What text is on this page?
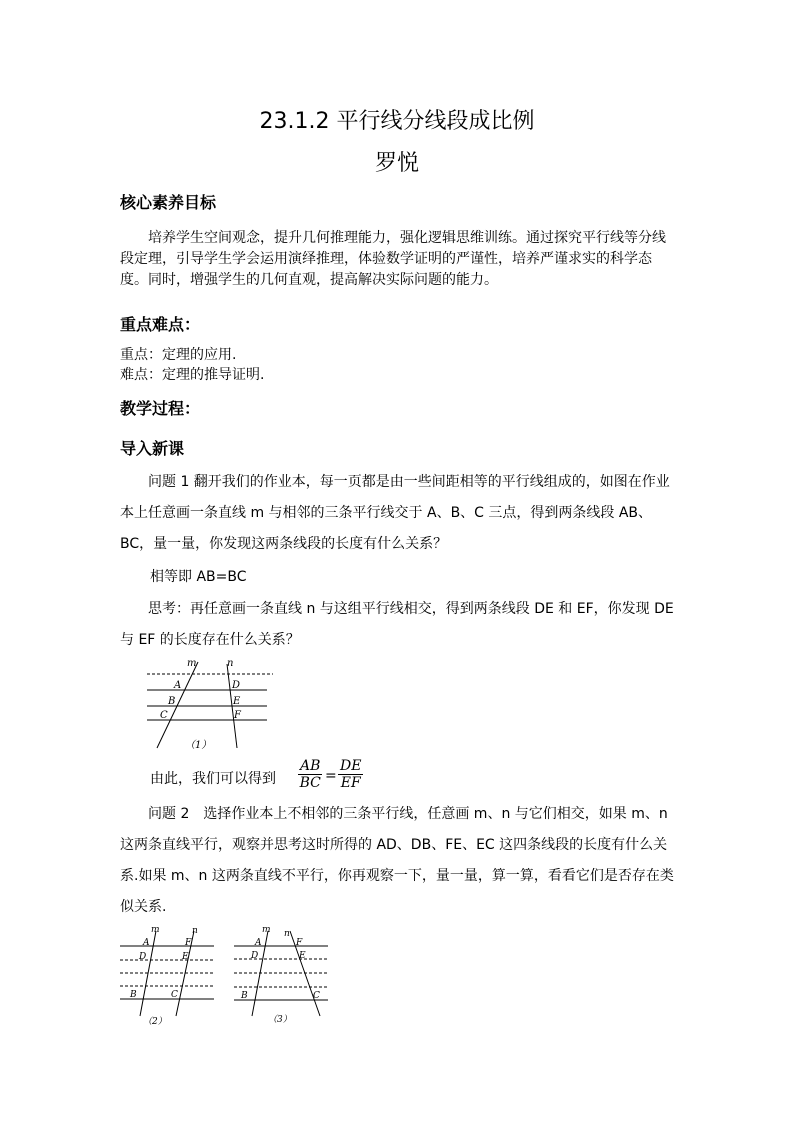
23.1.2 平行线分线段成比例
罗悦
核心素养目标
培养学生空间观念，提升几何推理能力，强化逻辑思维训练。通过探究平行线等分线段定理，引导学生学会运用演绎推理，体验数学证明的严谨性，培养严谨求实的科学态度。同时，增强学生的几何直观，提高解决实际问题的能力。
重点难点：
重点：定理的应用.
难点：定理的推导证明.
教学过程：
导入新课
问题 1 翻开我们的作业本，每一页都是由一些间距相等的平行线组成的，如图在作业本上任意画一条直线 m 与相邻的三条平行线交于 A、B、C 三点，得到两条线段 AB、BC，量一量，你发现这两条线段的长度有什么关系？
相等即 AB=BC
思考：再任意画一条直线 n 与这组平行线相交，得到两条线段 DE 和 EF，你发现 DE 与 EF 的长度存在什么关系？
m	n
A
B
C
D
E
F
（1）
由此，我们可以得到 $\frac{AB}{BC} = \frac{DE}{EF}$
问题 2　选择作业本上不相邻的三条平行线，任意画 m、n 与它们相交，如果 m、n 这两条直线平行，观察并思考这时所得的 AD、DB、FE、EC 这四条线段的长度有什么关系.如果 m、n 这两条直线不平行，你再观察一下，量一量，算一算，看看它们是否存在类似关系.
m	n
A
D
B
F
E
C
（2）
m n
A
D
B
F
E
C
（3）
